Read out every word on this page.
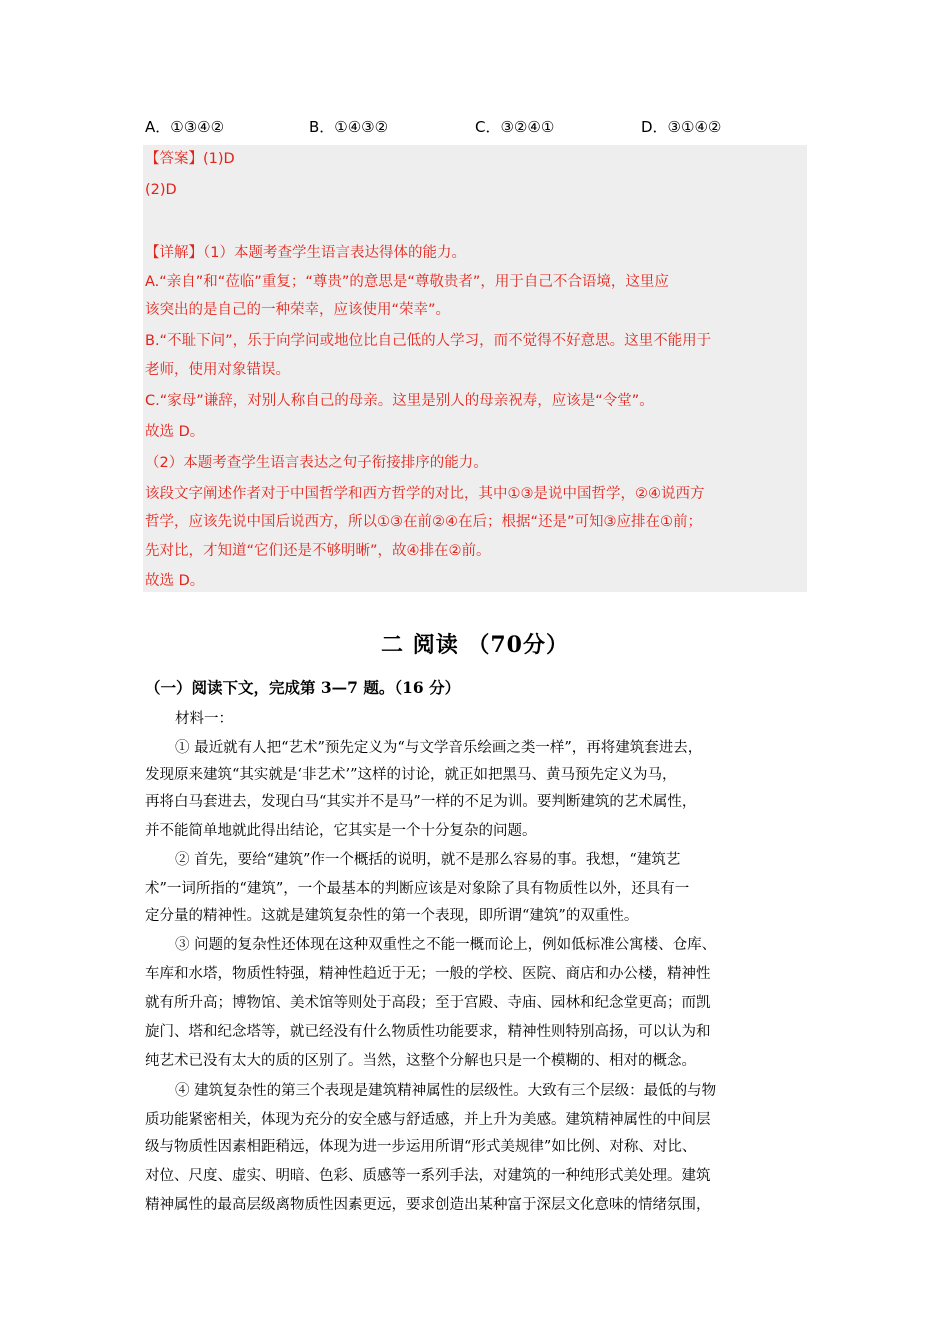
A．①③④②	B．①④③②	C．③②④①	D．③①④②
【答案】(1)D
(2)D
【详解】（1）本题考查学生语言表达得体的能力。
A.“亲自”和“莅临”重复；“尊贵”的意思是“尊敬贵者”，用于自己不合语境，这里应
该突出的是自己的一种荣幸，应该使用“荣幸”。
B.“不耻下问”，乐于向学问或地位比自己低的人学习，而不觉得不好意思。这里不能用于
老师，使用对象错误。
C.“家母”谦辞，对别人称自己的母亲。这里是别人的母亲祝寿，应该是“令堂”。
故选 D。
（2）本题考查学生语言表达之句子衔接排序的能力。
该段文字阐述作者对于中国哲学和西方哲学的对比，其中①③是说中国哲学，②④说西方
哲学，应该先说中国后说西方，所以①③在前②④在后；根据“还是”可知③应排在①前；
先对比，才知道“它们还是不够明晰”，故④排在②前。
故选 D。
二 阅读 （70分）
（一）阅读下文，完成第 3—7 题。（16 分）
材料一：
① 最近就有人把“艺术”预先定义为“与文学音乐绘画之类一样”，再将建筑套进去，
发现原来建筑“其实就是‘非艺术’”这样的讨论，就正如把黑马、黄马预先定义为马，
再将白马套进去，发现白马“其实并不是马”一样的不足为训。要判断建筑的艺术属性，
并不能简单地就此得出结论，它其实是一个十分复杂的问题。
② 首先，要给“建筑”作一个概括的说明，就不是那么容易的事。我想，“建筑艺
术”一词所指的“建筑”，一个最基本的判断应该是对象除了具有物质性以外，还具有一
定分量的精神性。这就是建筑复杂性的第一个表现，即所谓“建筑”的双重性。
③ 问题的复杂性还体现在这种双重性之不能一概而论上，例如低标准公寓楼、仓库、
车库和水塔，物质性特强，精神性趋近于无；一般的学校、医院、商店和办公楼，精神性
就有所升高；博物馆、美术馆等则处于高段；至于宫殿、寺庙、园林和纪念堂更高；而凯
旋门、塔和纪念塔等，就已经没有什么物质性功能要求，精神性则特别高扬，可以认为和
纯艺术已没有太大的质的区别了。当然，这整个分解也只是一个模糊的、相对的概念。
④ 建筑复杂性的第三个表现是建筑精神属性的层级性。大致有三个层级：最低的与物
质功能紧密相关，体现为充分的安全感与舒适感，并上升为美感。建筑精神属性的中间层
级与物质性因素相距稍远，体现为进一步运用所谓“形式美规律”如比例、对称、对比、
对位、尺度、虚实、明暗、色彩、质感等一系列手法，对建筑的一种纯形式美处理。建筑
精神属性的最高层级离物质性因素更远，要求创造出某种富于深层文化意味的情绪氛围，
